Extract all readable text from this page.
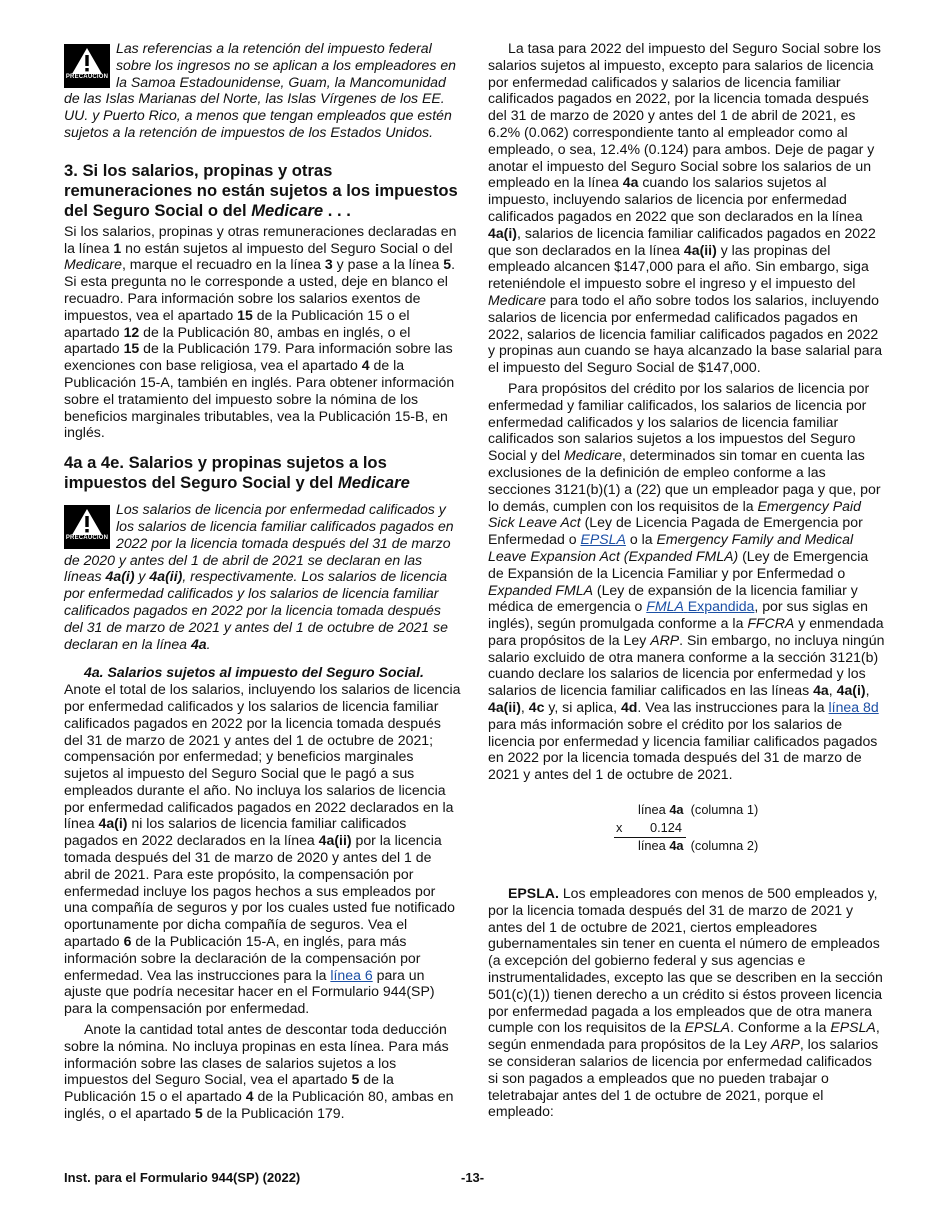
PRECAUCION
Las referencias a la retención del impuesto federal sobre los ingresos no se aplican a los empleadores en la Samoa Estadounidense, Guam, la Mancomunidad de las Islas Marianas del Norte, las Islas Vírgenes de los EE. UU. y Puerto Rico, a menos que tengan empleados que estén sujetos a la retención de impuestos de los Estados Unidos.
3. Si los salarios, propinas y otras remuneraciones no están sujetos a los impuestos del Seguro Social o del Medicare . . .

Si los salarios, propinas y otras remuneraciones declaradas en la línea 1 no están sujetos al impuesto del Seguro Social o del Medicare, marque el recuadro en la línea 3 y pase a la línea 5. Si esta pregunta no le corresponde a usted, deje en blanco el recuadro. Para información sobre los salarios exentos de impuestos, vea el apartado 15 de la Publicación 15 o el apartado 12 de la Publicación 80, ambas en inglés, o el apartado 15 de la Publicación 179. Para información sobre las exenciones con base religiosa, vea el apartado 4 de la Publicación 15-A, también en inglés. Para obtener información sobre el tratamiento del impuesto sobre la nómina de los beneficios marginales tributables, vea la Publicación 15-B, en inglés.

4a a 4e. Salarios y propinas sujetos a los impuestos del Seguro Social y del Medicare
PRECAUCION
Los salarios de licencia por enfermedad calificados y los salarios de licencia familiar calificados pagados en 2022 por la licencia tomada después del 31 de marzo de 2020 y antes del 1 de abril de 2021 se declaran en las líneas 4a(i) y 4a(ii), respectivamente. Los salarios de licencia por enfermedad calificados y los salarios de licencia familiar calificados pagados en 2022 por la licencia tomada después del 31 de marzo de 2021 y antes del 1 de octubre de 2021 se declaran en la línea 4a.

4a. Salarios sujetos al impuesto del Seguro Social. Anote el total de los salarios, incluyendo los salarios de licencia por enfermedad calificados y los salarios de licencia familiar calificados pagados en 2022 por la licencia tomada después del 31 de marzo de 2021 y antes del 1 de octubre de 2021; compensación por enfermedad; y beneficios marginales sujetos al impuesto del Seguro Social que le pagó a sus empleados durante el año. No incluya los salarios de licencia por enfermedad calificados pagados en 2022 declarados en la línea 4a(i) ni los salarios de licencia familiar calificados pagados en 2022 declarados en la línea 4a(ii) por la licencia tomada después del 31 de marzo de 2020 y antes del 1 de abril de 2021. Para este propósito, la compensación por enfermedad incluye los pagos hechos a sus empleados por una compañía de seguros y por los cuales usted fue notificado oportunamente por dicha compañía de seguros. Vea el apartado 6 de la Publicación 15-A, en inglés, para más información sobre la declaración de la compensación por enfermedad. Vea las instrucciones para la línea 6 para un ajuste que podría necesitar hacer en el Formulario 944(SP) para la compensación por enfermedad.

Anote la cantidad total antes de descontar toda deducción sobre la nómina. No incluya propinas en esta línea. Para más información sobre las clases de salarios sujetos a los impuestos del Seguro Social, vea el apartado 5 de la Publicación 15 o el apartado 4 de la Publicación 80, ambas en inglés, o el apartado 5 de la Publicación 179.

La tasa para 2022 del impuesto del Seguro Social sobre los salarios sujetos al impuesto, excepto para salarios de licencia por enfermedad calificados y salarios de licencia familiar calificados pagados en 2022, por la licencia tomada después del 31 de marzo de 2020 y antes del 1 de abril de 2021, es 6.2% (0.062) correspondiente tanto al empleador como al empleado, o sea, 12.4% (0.124) para ambos. Deje de pagar y anotar el impuesto del Seguro Social sobre los salarios de un empleado en la línea 4a cuando los salarios sujetos al impuesto, incluyendo salarios de licencia por enfermedad calificados pagados en 2022 que son declarados en la línea 4a(i), salarios de licencia familiar calificados pagados en 2022 que son declarados en la línea 4a(ii) y las propinas del empleado alcancen $147,000 para el año. Sin embargo, siga reteniéndole el impuesto sobre el ingreso y el impuesto del Medicare para todo el año sobre todos los salarios, incluyendo salarios de licencia por enfermedad calificados pagados en 2022, salarios de licencia familiar calificados pagados en 2022 y propinas aun cuando se haya alcanzado la base salarial para el impuesto del Seguro Social de $147,000.

Para propósitos del crédito por los salarios de licencia por enfermedad y familiar calificados, los salarios de licencia por enfermedad calificados y los salarios de licencia familiar calificados son salarios sujetos a los impuestos del Seguro Social y del Medicare, determinados sin tomar en cuenta las exclusiones de la definición de empleo conforme a las secciones 3121(b)(1) a (22) que un empleador paga y que, por lo demás, cumplen con los requisitos de la Emergency Paid Sick Leave Act (Ley de Licencia Pagada de Emergencia por Enfermedad o EPSLA o la Emergency Family and Medical Leave Expansion Act (Expanded FMLA) (Ley de Emergencia de Expansión de la Licencia Familiar y por Enfermedad o Expanded FMLA (Ley de expansión de la licencia familiar y médica de emergencia o FMLA Expandida, por sus siglas en inglés), según promulgada conforme a la FFCRA y enmendada para propósitos de la Ley ARP. Sin embargo, no incluya ningún salario excluido de otra manera conforme a la sección 3121(b) cuando declare los salarios de licencia por enfermedad y los salarios de licencia familiar calificados en las líneas 4a, 4a(i), 4a(ii), 4c y, si aplica, 4d. Vea las instrucciones para la línea 8d para más información sobre el crédito por los salarios de licencia por enfermedad y licencia familiar calificados pagados en 2022 por la licencia tomada después del 31 de marzo de 2021 y antes del 1 de octubre de 2021.

línea 4a  (columna 1)
x 0.124
línea 4a  (columna 2)

EPSLA. Los empleadores con menos de 500 empleados y, por la licencia tomada después del 31 de marzo de 2021 y antes del 1 de octubre de 2021, ciertos empleadores gubernamentales sin tener en cuenta el número de empleados (a excepción del gobierno federal y sus agencias e instrumentalidades, excepto las que se describen en la sección 501(c)(1)) tienen derecho a un crédito si éstos proveen licencia por enfermedad pagada a los empleados que de otra manera cumple con los requisitos de la EPSLA. Conforme a la EPSLA, según enmendada para propósitos de la Ley ARP, los salarios se consideran salarios de licencia por enfermedad calificados si son pagados a empleados que no pueden trabajar o teletrabajar antes del 1 de octubre de 2021, porque el empleado:

Inst. para el Formulario 944(SP) (2022)	-13-
